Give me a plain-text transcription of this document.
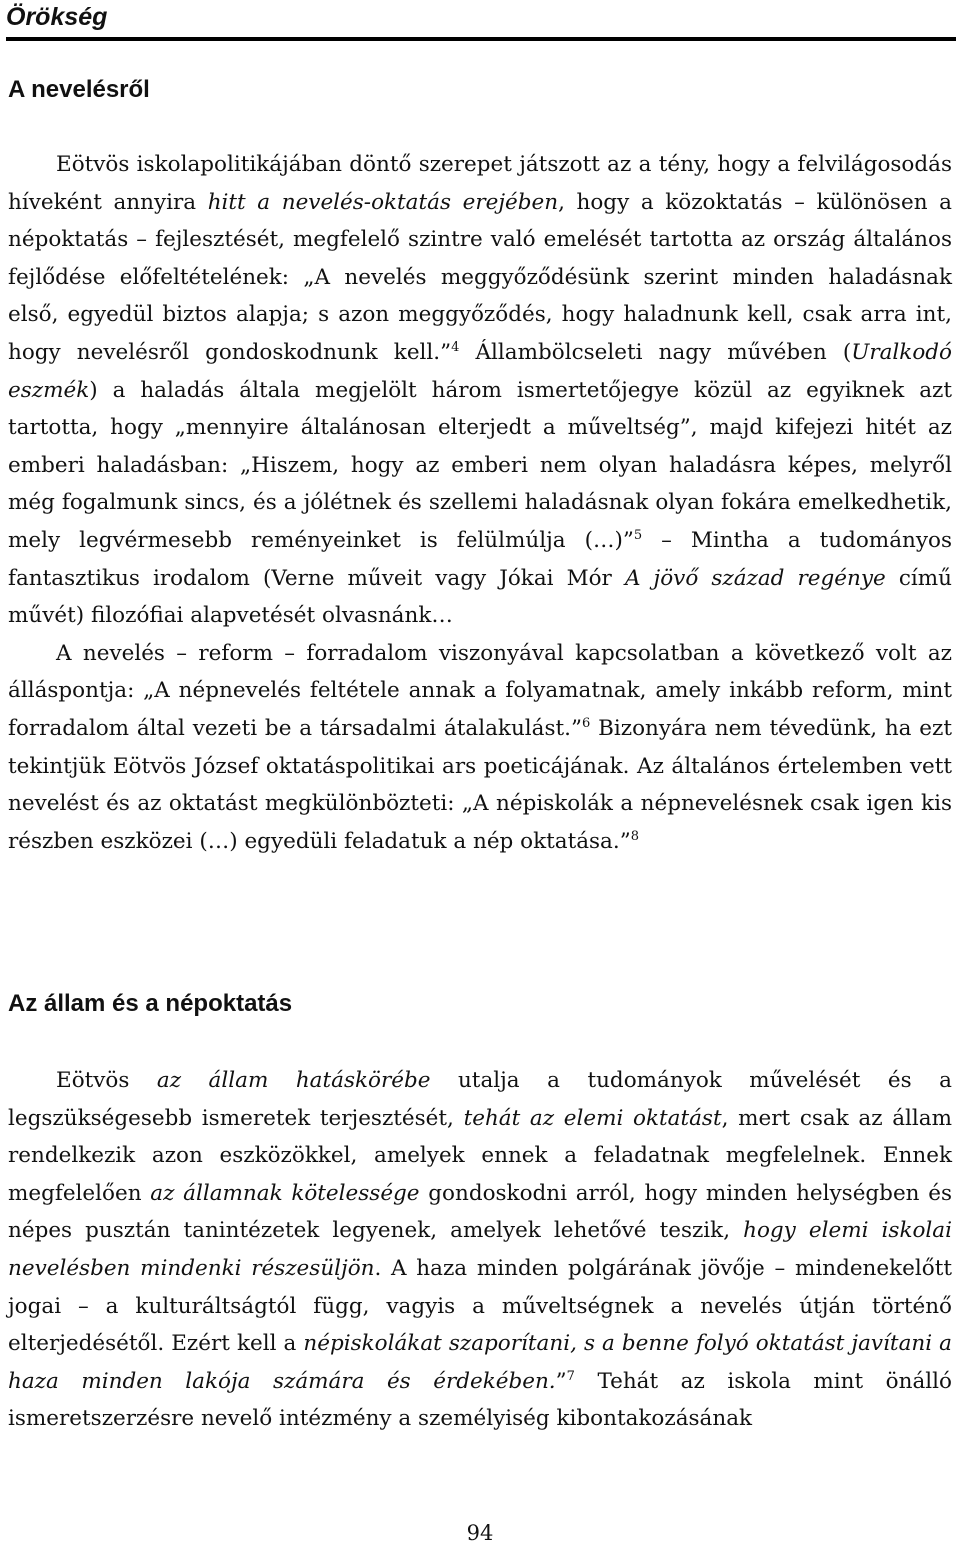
Örökség
A nevelésről

Eötvös iskolapolitikájában döntő szerepet játszott az a tény, hogy a felvilágosodás híveként annyira hitt a nevelés-oktatás erejében, hogy a közoktatás – különösen a népoktatás – fejlesztését, megfelelő szintre való emelését tartotta az ország általános fejlődése előfeltételének: „A nevelés meggyőződésünk szerint minden haladásnak első, egyedül biztos alapja; s azon meggyőződés, hogy haladnunk kell, csak arra int, hogy nevelésről gondoskodnunk kell.”$^4$ Állambölcseleti nagy művében (Uralkodó eszmék) a haladás általa megjelölt három ismertetőjegye közül az egyiknek azt tartotta, hogy „mennyire általánosan elterjedt a műveltség”, majd kifejezi hitét az emberi haladásban: „Hiszem, hogy az emberi nem olyan haladásra képes, melyről még fogalmunk sincs, és a jólétnek és szellemi haladásnak olyan fokára emelkedhetik, mely legvérmesebb reményeinket is felülmúlja (…)”$^5$ – Mintha a tudományos fantasztikus irodalom (Verne műveit vagy Jókai Mór A jövő század regénye című művét) filozófiai alapvetését olvasnánk…

A nevelés – reform – forradalom viszonyával kapcsolatban a következő volt az álláspontja: „A népnevelés feltétele annak a folyamatnak, amely inkább reform, mint forradalom által vezeti be a társadalmi átalakulást.”$^6$ Bizonyára nem tévedünk, ha ezt tekintjük Eötvös József oktatáspolitikai ars poeticájának. Az általános értelemben vett nevelést és az oktatást megkülönbözteti: „A népiskolák a népnevelésnek csak igen kis részben eszközei (…) egyedüli feladatuk a nép oktatása.”$^8$

Az állam és a népoktatás

Eötvös az állam hatáskörébe utalja a tudományok művelését és a legszükségesebb ismeretek terjesztését, tehát az elemi oktatást, mert csak az állam rendelkezik azon eszközökkel, amelyek ennek a feladatnak megfelelnek. Ennek megfelelően az államnak kötelessége gondoskodni arról, hogy minden helységben és népes pusztán tanintézetek legyenek, amelyek lehetővé teszik, hogy elemi iskolai nevelésben mindenki részesüljön. A haza minden polgárának jövője – mindenekelőtt jogai – a kulturáltságtól függ, vagyis a műveltségnek a nevelés útján történő elterjedésétől. Ezért kell a népiskolákat szaporítani, s a benne folyó oktatást javítani a haza minden lakója számára és érdekében.”$^7$ Tehát az iskola mint önálló ismeretszerzésre nevelő intézmény a személyiség kibontakozásának

94
